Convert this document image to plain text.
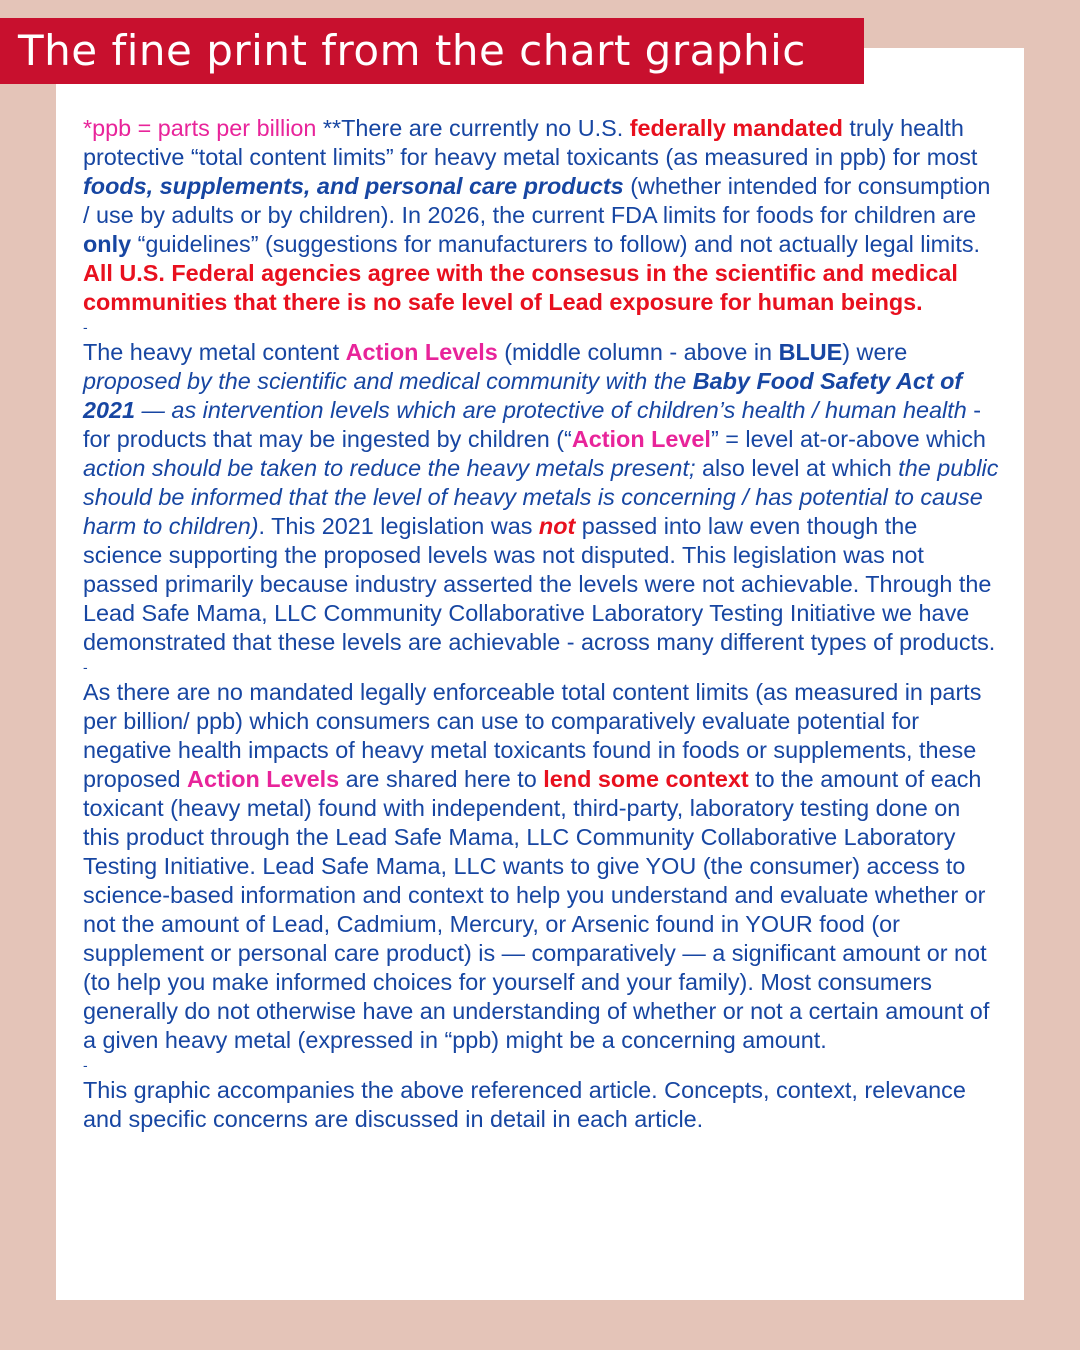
The fine print from the chart graphic

*ppb = parts per billion **There are currently no U.S. federally mandated truly health protective “total content limits” for heavy metal toxicants (as measured in ppb) for most foods, supplements, and personal care products (whether intended for consumption / use by adults or by children). In 2026, the current FDA limits for foods for children are only “guidelines” (suggestions for manufacturers to follow) and not actually legal limits. All U.S. Federal agencies agree with the consesus in the scientific and medical communities that there is no safe level of Lead exposure for human beings.

-

The heavy metal content Action Levels (middle column - above in BLUE) were proposed by the scientific and medical community with the Baby Food Safety Act of 2021 — as intervention levels which are protective of children’s health / human health - for products that may be ingested by children (“Action Level” = level at-or-above which action should be taken to reduce the heavy metals present; also level at which the public should be informed that the level of heavy metals is concerning / has potential to cause harm to children). This 2021 legislation was not passed into law even though the science supporting the proposed levels was not disputed. This legislation was not passed primarily because industry asserted the levels were not achievable. Through the Lead Safe Mama, LLC Community Collaborative Laboratory Testing Initiative we have demonstrated that these levels are achievable - across many different types of products.

-

As there are no mandated legally enforceable total content limits (as measured in parts per billion/ ppb) which consumers can use to comparatively evaluate potential for negative health impacts of heavy metal toxicants found in foods or supplements, these proposed Action Levels are shared here to lend some context to the amount of each toxicant (heavy metal) found with independent, third-party, laboratory testing done on this product through the Lead Safe Mama, LLC Community Collaborative Laboratory Testing Initiative. Lead Safe Mama, LLC wants to give YOU (the consumer) access to science-based information and context to help you understand and evaluate whether or not the amount of Lead, Cadmium, Mercury, or Arsenic found in YOUR food (or supplement or personal care product) is — comparatively — a significant amount or not (to help you make informed choices for yourself and your family). Most consumers generally do not otherwise have an understanding of whether or not a certain amount of a given heavy metal (expressed in “ppb) might be a concerning amount.

-

This graphic accompanies the above referenced article. Concepts, context, relevance and specific concerns are discussed in detail in each article.
